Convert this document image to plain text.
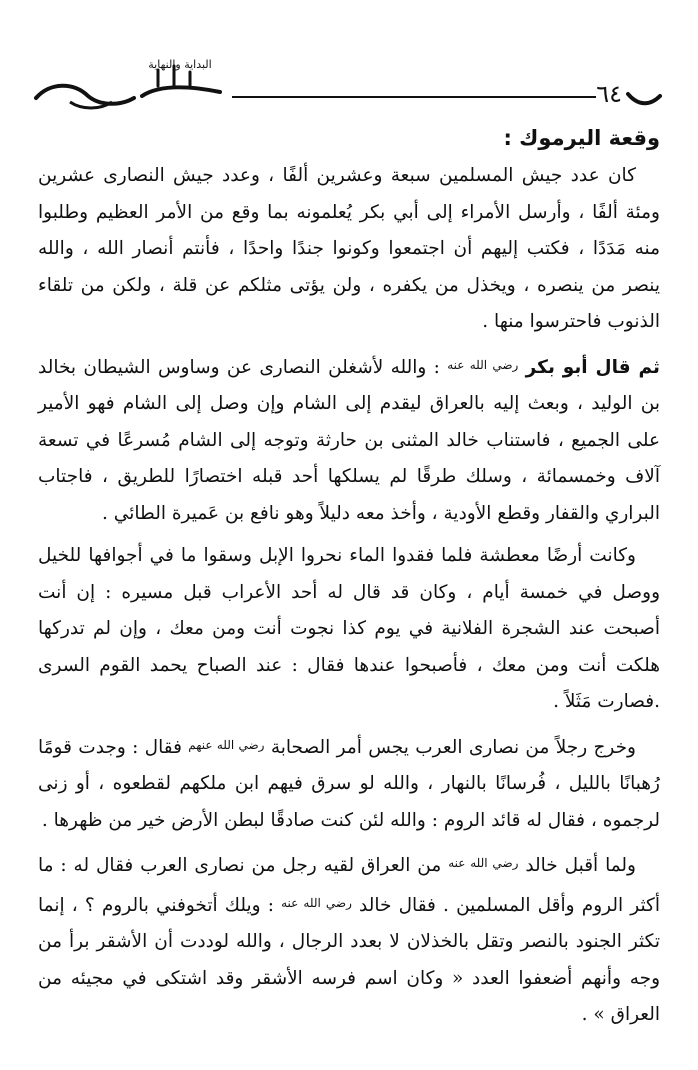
البداية والنهاية
٦٤
وقعة اليرموك :

كان عدد جيش المسلمين سبعة وعشرين ألفًا ، وعدد جيش النصارى عشرين ومئة ألفًا ، وأرسل الأمراء إلى أبي بكر يُعلمونه بما وقع من الأمر العظيم وطلبوا منه مَدَدًا ، فكتب إليهم أن اجتمعوا وكونوا جندًا واحدًا ، فأنتم أنصار الله ، والله ينصر من ينصره ، ويخذل من يكفره ، ولن يؤتى مثلكم عن قلة ، ولكن من تلقاء الذنوب فاحترسوا منها .

ثم قال أبو بكر $^{رضي الله عنه}$ : والله لأشغلن النصارى عن وساوس الشيطان بخالد بن الوليد ، وبعث إليه بالعراق ليقدم إلى الشام وإن وصل إلى الشام فهو الأمير على الجميع ، فاستناب خالد المثنى بن حارثة وتوجه إلى الشام مُسرعًا في تسعة آلاف وخمسمائة ، وسلك طرقًا لم يسلكها أحد قبله اختصارًا للطريق ، فاجتاب البراري والقفار وقطع الأودية ، وأخذ معه دليلاً وهو نافع بن عَميرة الطائي .

وكانت أرضًا معطشة فلما فقدوا الماء نحروا الإبل وسقوا ما في أجوافها للخيل ووصل في خمسة أيام ، وكان قد قال له أحد الأعراب قبل مسيره : إن أنت أصبحت عند الشجرة الفلانية في يوم كذا نجوت أنت ومن معك ، وإن لم تدركها هلكت أنت ومن معك ، فأصبحوا عندها فقال : عند الصباح يحمد القوم السرى .فصارت مَثَلاً .

وخرج رجلاً من نصارى العرب يجس أمر الصحابة $^{رضي الله عنهم}$ فقال : وجدت قومًا رُهبانًا بالليل ، فُرسانًا بالنهار ، والله لو سرق فيهم ابن ملكهم لقطعوه ، أو زنى لرجموه ، فقال له قائد الروم : والله لئن كنت صادقًا لبطن الأرض خير من ظهرها .

ولما أقبل خالد $^{رضي الله عنه}$ من العراق لقيه رجل من نصارى العرب فقال له : ما أكثر الروم وأقل المسلمين . فقال خالد $^{رضي الله عنه}$ : ويلك أتخوفني بالروم ؟ ، إنما تكثر الجنود بالنصر وتقل بالخذلان لا بعدد الرجال ، والله لوددت أن الأشقر برأ من وجه وأنهم أضعفوا العدد « وكان اسم فرسه الأشقر وقد اشتكى في مجيئه من العراق » .
